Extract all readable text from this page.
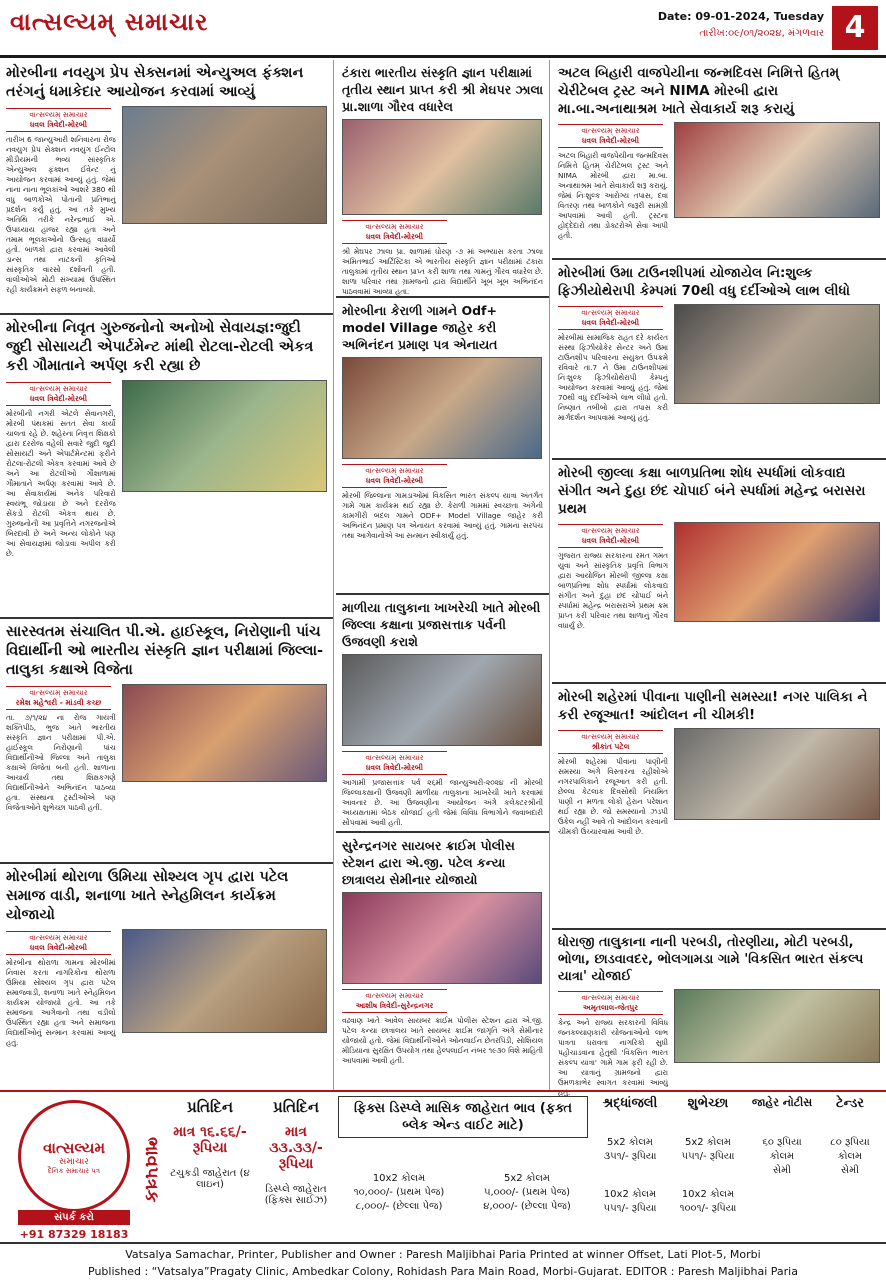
વાત્સલ્યમ્ સમાચાર	Date: 09-01-2024, Tuesday
તારીખ:૦૯/૦૧/૨૦૨૪, મંગળવાર 4
મોરબીના નવયુગ પ્રેપ સેક્સનમાં એન્યુઅલ ફંક્શન તરંગનું ધમાકેદાર આયોજન કરવામાં આવ્યું
વાત્સલ્યમ્ સમાચાર
ધવલ ત્રિવેદી-મોરબી
તારીખ 6 જાન્યુઆરી શનિવારના રોજ નવયુગ પ્રેપ સેક્શન નવયુગ ઈન્ટોલ મીડીયમની ભવ્ય સાંસ્કૃતિક એન્યુઅલ ફંક્શન ઈવેન્ટ નું આયોજન કરવામાં આવ્યું હતું. જેમાં નાના નાના ભૂલકાંઓ આશરે 380 થી વધુ બાળકોએ પોતાની પ્રતિભાનું પ્રદર્શન કર્યું હતું. આ તકે મુખ્ય અતિથિ તરીકે નરેન્દ્રભાઈ એ. ઉપાધ્યાય હાજર રહ્યા હતા અને તમામ ભૂલકાઓનો ઉત્સાહ વધાર્યો હતો. બાળકો દ્વારા કરવામાં આવેલી ડાન્સ તથા નાટકની કૃતિઓ સાંસ્કૃતિક વારસો દર્શાવતી હતી. વાલીઓએ મોટી સંખ્યામાં ઉપસ્થિત રહી કાર્યક્રમને સફળ બનાવ્યો.
મોરબીના નિવૃત ગુરુજનોનો અનોખો સેવાયજ્ઞ:જુદી જુદી સોસાયટી એપાર્ટમેન્ટ માંથી રોટલા-રોટલી એકત્ર કરી ગૌમાતાને અર્પણ કરી રહ્યા છે
વાત્સલ્યમ્ સમાચાર
ધવલ ત્રિવેદી-મોરબી
મોરબીની નગરી એટલે સેવાનગરી, મોરબી પંથકમાં સતત સેવા કાર્યો ચાલતા રહે છે. શહેરના નિવૃત્ત શિક્ષકો દ્વારા દરરોજ વહેલી સવારે જુદી જુદી સોસાયટી અને એપાર્ટમેન્ટમાં ફરીને રોટલા-રોટલી એકત્ર કરવામાં આવે છે અને આ રોટલીઓ ગૌશાળામાં ગૌમાતાને અર્પણ કરવામાં આવે છે. આ સેવાકાર્યમાં અનેક પરિવારો સ્વયંભૂ જોડાયા છે અને દરરોજ સેંકડો રોટલી એકત્ર થાય છે. ગુરુજનોની આ પ્રવૃત્તિને નગરજનોએ બિરદાવી છે અને અન્ય લોકોને પણ આ સેવાયજ્ઞમાં જોડાવા અપીલ કરી છે.
સારસ્વતમ સંચાલિત પી.એ. હાઈસ્કૂલ, નિરોણાની પાંચ વિદ્યાર્થીની ઓ ભારતીય સંસ્કૃતિ જ્ઞાન પરીક્ષામાં જિલ્લા-તાલુકા કક્ષાએ વિજેતા
વાત્સલ્યમ્ સમાચાર
રમેશ મહેશ્વરી - માંડવી કચ્છ
તા. ૭/૧/૨૪ ના રોજ ગાયત્રી શક્તિપીઠ, ભુજ ખાતે ભારતીય સંસ્કૃતિ જ્ઞાન પરીક્ષામાં પી.એ. હાઈસ્કૂલ નિરોણાની પાંચ વિદ્યાર્થીનીઓ જિલ્લા અને તાલુકા કક્ષાએ વિજેતા બની હતી. શાળાના આચાર્ય તથા શિક્ષકગણે વિદ્યાર્થીનીઓને અભિનંદન પાઠવ્યા હતા. સંસ્થાના ટ્રસ્ટીઓએ પણ વિજેતાઓને શુભેચ્છા પાઠવી હતી.
મોરબીમાં થોરાળા ઉમિયા સોશ્યલ ગૃપ દ્વારા પટેલ સમાજ વાડી, શનાળા ખાતે સ્નેહમિલન કાર્યક્રમ યોજાયો
વાત્સલ્યમ્ સમાચાર
ધવલ ત્રિવેદી-મોરબી
મોરબીના થોરાળા ગામના મોરબીમાં નિવાસ કરતા નાગરિકોના થોરાળા ઉમિયા સોશ્યલ ગૃપ દ્વારા પટેલ સમાજવાડી, શનાળા ખાતે સ્નેહમિલન કાર્યક્રમ યોજાયો હતો. આ તકે સમાજના આગેવાનો તથા વડીલો ઉપસ્થિત રહ્યા હતા અને સમાજના વિદ્યાર્થીઓનું સન્માન કરવામાં આવ્યું હતું.
ટંકારા ભારતીય સંસ્કૃતિ જ્ઞાન પરીક્ષામાં તૃતીય સ્થાન પ્રાપ્ત કરી શ્રી મેઘપર ઝાલા પ્રા.શાળા ગૌરવ વધારેલ
વાત્સલ્યમ્ સમાચાર
ધવલ ત્રિવેદી-મોરબી
શ્રી મેઘપર ઝાલા પ્રા. શાળામાં ધોરણ -૭ માં અભ્યાસ કરતા ઝાલા અમિતભાઈ આર્ટિસ્ટિકા એ ભારતીય સંસ્કૃતિ જ્ઞાન પરીક્ષામાં ટંકારા તાલુકામાં તૃતીય સ્થાન પ્રાપ્ત કરી શાળા તથા ગામનું ગૌરવ વધારેલ છે. શાળા પરિવાર તથા ગ્રામજનો દ્વારા વિદ્યાર્થીને ખૂબ ખૂબ અભિનંદન પાઠવવામાં આવ્યા હતા.
મોરબીના કેરાળી ગામને Odf+ model Village જાહેર કરી અભિનંદન પ્રમાણ પત્ર એનાયત
વાત્સલ્યમ્ સમાચાર
ધવલ ત્રિવેદી-મોરબી
મોરબી જિલ્લાના ગામડાઓમાં વિકસિત ભારત સંકલ્પ યાત્રા અંતર્ગત ગામે ગામ કાર્યક્રમ થઈ રહ્યા છે. કેરાળી ગામમાં સ્વચ્છતા અંગેની કામગીરી બદલ ગામને ODF+ Model Village જાહેર કરી અભિનંદન પ્રમાણ પત્ર એનાયત કરવામાં આવ્યું હતું. ગામના સરપંચ તથા આગેવાનોએ આ સન્માન સ્વીકાર્યું હતું.
માળીયા તાલુકાના ખાખરેચી ખાતે મોરબી જિલ્લા કક્ષાના પ્રજાસત્તાક પર્વની ઉજવણી કરાશે
વાત્સલ્યમ્ સમાચાર
ધવલ ત્રિવેદી-મોરબી
આગામી પ્રજાસત્તાક પર્વ ૨૬મી જાન્યુઆરી-૨૦૨૪ ની મોરબી જિલ્લાકક્ષાની ઉજવણી માળીયા તાલુકાના ખાખરેચી ખાતે કરવામાં આવનાર છે. આ ઉજવણીના આયોજન અંગે કલેક્ટરશ્રીની અધ્યક્ષતામાં બેઠક યોજાઈ હતી જેમાં વિવિધ વિભાગોને જવાબદારી સોંપવામાં આવી હતી.
સુરેન્દ્રનગર સાયબર ક્રાઈમ પોલીસ સ્ટેશન દ્વારા એ.જી. પટેલ કન્યા છાત્રાલય સેમીનાર યોજાયો
વાત્સલ્યમ્ સમાચાર
આશીષ ત્રિવેદી-સુરેન્દ્રનગર
વઢવાણ ખાતે આવેલ સાયબર ક્રાઈમ પોલીસ સ્ટેશન દ્વારા એ.જી. પટેલ કન્યા છાત્રાલય ખાતે સાયબર ક્રાઈમ જાગૃતિ અંગે સેમીનાર યોજાયો હતો. જેમાં વિદ્યાર્થીનીઓને ઓનલાઈન છેતરપિંડી, સોશિયલ મીડિયાના સુરક્ષિત ઉપયોગ તથા હેલ્પલાઈન નંબર ૧૯૩૦ વિશે માહિતી આપવામાં આવી હતી.
અટલ બિહારી વાજપેયીના જન્મદિવસ નિમિત્તે હિતમ્ ચેરીટેબલ ટ્રસ્ટ અને NIMA મોરબી દ્વારા મા.બા.અનાથાશ્રમ ખાતે સેવાકાર્ય શરૂ કરાયું
વાત્સલ્યમ્ સમાચાર
ધવલ ત્રિવેદી-મોરબી
અટલ બિહારી વાજપેયીના જન્મદિવસ નિમિત્તે હિતમ્ ચેરીટેબલ ટ્રસ્ટ અને NIMA મોરબી દ્વારા મા.બા. અનાથાશ્રમ ખાતે સેવાકાર્ય શરૂ કરાયું. જેમાં નિઃશુલ્ક આરોગ્ય તપાસ, દવા વિતરણ તથા બાળકોને જરૂરી સામગ્રી આપવામાં આવી હતી. ટ્રસ્ટના હોદ્દેદારો તથા ડોક્ટરોએ સેવા આપી હતી.
મોરબીમાં ઉમા ટાઉનશીપમાં યોજાયેલ નિ:શુલ્ક ફિઝીયોથેરાપી કેમ્પમાં 70થી વધુ દર્દીઓએ લાભ લીધો
વાત્સલ્યમ્ સમાચાર
ધવલ ત્રિવેદી-મોરબી
મોરબીમાં સામાજિક રાહત દરે કાર્યરત સંસ્થા ફિઝીયોકેર સેન્ટર અને ઉમા ટાઉનશીપ પરિવારના સંયુક્ત ઉપક્રમે રવિવારે તા.7 ને ઉમા ટાઉનશીપમાં નિઃશુલ્ક ફિઝીયોથેરાપી કેમ્પનું આયોજન કરવામાં આવ્યું હતું. જેમાં 70થી વધુ દર્દીઓએ લાભ લીધો હતો. નિષ્ણાત તબીબો દ્વારા તપાસ કરી માર્ગદર્શન આપવામાં આવ્યું હતું.
મોરબી જીલ્લા કક્ષા બાળપ્રતિભા શોધ સ્પર્ધામાં લોકવાદ્ય સંગીત અને દુહા છંદ ચોપાઈ બંને સ્પર્ધામાં મહેન્દ્ર બરાસરા પ્રથમ
વાત્સલ્યમ્ સમાચાર
ધવલ ત્રિવેદી-મોરબી
ગુજરાત રાજ્ય સરકારના રમત ગમત યુવા અને સાંસ્કૃતિક પ્રવૃત્તિ વિભાગ દ્વારા આયોજિત મોરબી જીલ્લા કક્ષા બાળપ્રતિભા શોધ સ્પર્ધામાં લોકવાદ્ય સંગીત અને દુહા છંદ ચોપાઈ બંને સ્પર્ધામાં મહેન્દ્ર બરાસરાએ પ્રથમ ક્રમ પ્રાપ્ત કરી પરિવાર તથા શાળાનું ગૌરવ વધાર્યું છે.
મોરબી શહેરમાં પીવાના પાણીની સમસ્યા! નગર પાલિકા ને કરી રજૂઆત! આંદોલન ની ચીમકી!
વાત્સલ્યમ્ સમાચાર
શ્રીકાંત પટેલ
મોરબી શહેરમાં પીવાના પાણીની સમસ્યા અંગે વિસ્તારના રહીશોએ નગરપાલિકાને રજૂઆત કરી હતી. છેલ્લા કેટલાક દિવસોથી નિયમિત પાણી ન મળતા લોકો હેરાન પરેશાન થઈ રહ્યા છે. જો સમસ્યાનો ઝડપી ઉકેલ નહીં આવે તો આંદોલન કરવાની ચીમકી ઉચ્ચારવામાં આવી છે.
ધોરાજી તાલુકાના નાની પરબડી, તોરણીયા, મોટી પરબડી, ભોળા, છાડવાવદર, ભોલગામડા ગામે 'વિકસિત ભારત સંકલ્પ યાત્રા' યોજાઈ
વાત્સલ્યમ્ સમાચાર
અમૃતલાલ-જેતપુર
કેન્દ્ર અને રાજ્ય સરકારની વિવિધ જનકલ્યાણકારી યોજનાઓનો લાભ પાત્રતા ધરાવતા નાગરિકો સુધી પહોંચાડવાના હેતુથી 'વિકસિત ભારત સંકલ્પ યાત્રા' ગામે ગામ ફરી રહી છે. આ યાત્રાનું ગ્રામજનો દ્વારા ઉમળકાભેર સ્વાગત કરવામાં આવ્યું હતું.
વાત્સલ્યમ
સમાચાર
દૈનિક સમાચાર પત્ર
સંપર્ક કરો
+91 87329 18183
ભાવપત્રક
પ્રતિદિન
માત્ર ૧૬.૬૬/- રૂપિયા
ટચુકડી જાહેરાત (૪ લાઇન)
પ્રતિદિન
માત્ર ૩૩.૩૩/- રૂપિયા
ડિસ્પ્લે જાહેરાત (ફિક્સ સાઈઝ)
ફિક્સ ડિસ્પ્લે માસિક જાહેરાત ભાવ (ફક્ત બ્લેક એન્ડ વાઈટ માટે)
10x2 કોલમ
૧૦,૦૦૦/- (પ્રથમ પેજ)
૮,૦૦૦/- (છેલ્લા પેજ)
5x2 કોલમ
૫,૦૦૦/- (પ્રથમ પેજ)
૪,૦૦૦/- (છેલ્લા પેજ)
શ્રદ્ધાંજલી
5x2 કોલમ
૩૫૧/- રૂપિયા
10x2 કોલમ
૫૫૧/- રૂપિયા
શુભેચ્છા
5x2 કોલમ
૫૫૧/- રૂપિયા
10x2 કોલમ
૧૦૦૧/- રૂપિયા
જાહેર નોટીસ
૬૦ રૂપિયા
કોલમ
સેમી
ટેન્ડર
૮૦ રૂપિયા
કોલમ
સેમી
Vatsalya Samachar, Printer, Publisher and Owner : Paresh Maljibhai Paria Printed at winner Offset, Lati Plot-5, Morbi
Published : “Vatsalya”Pragaty Clinic, Ambedkar Colony, Rohidash Para Main Road, Morbi-Gujarat. EDITOR : Paresh Maljibhai Paria
